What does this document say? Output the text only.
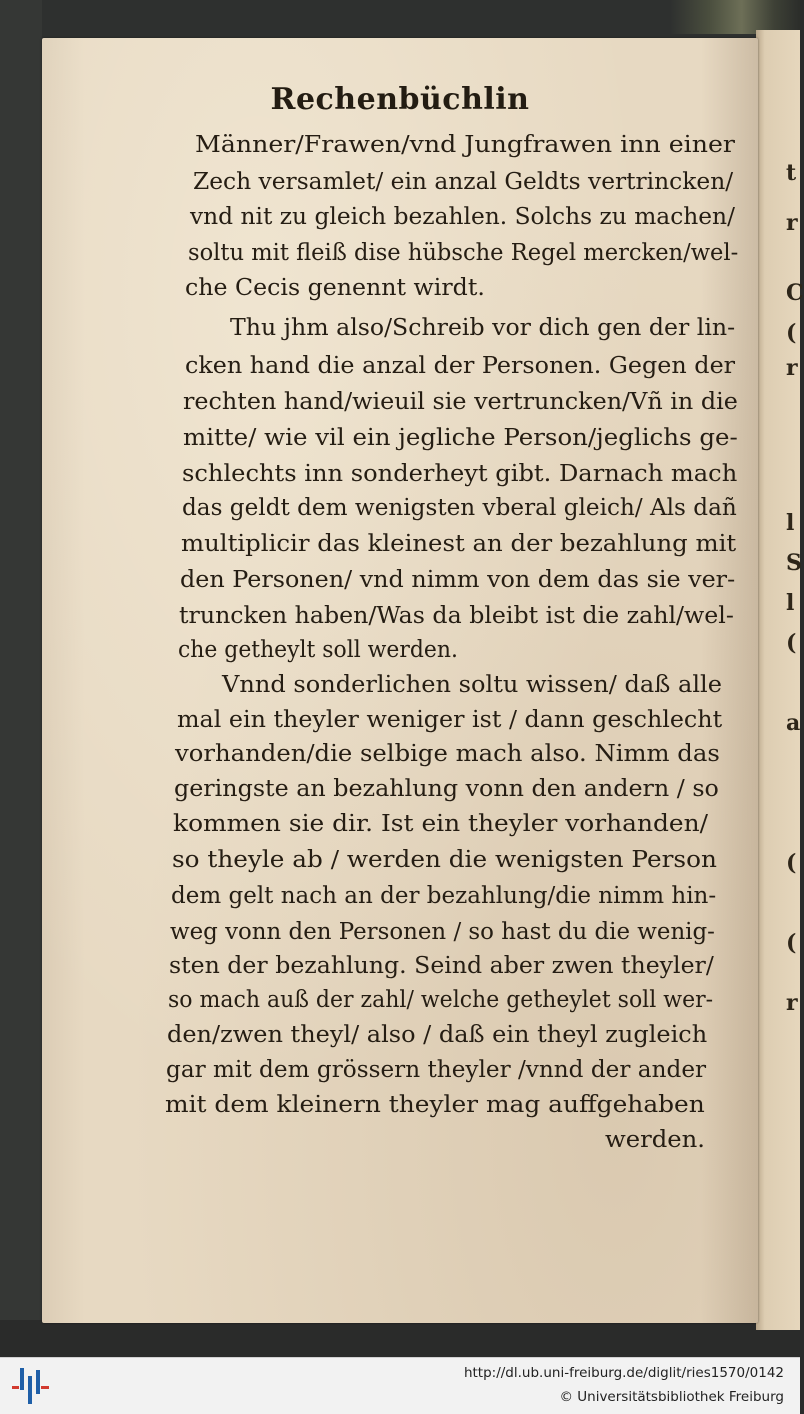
t
r
C
(
r
l
S
l
(
a
(
(
r
Rechenbüchlin
Männer/Frawen/vnd Jungfrawen inn einer
Zech versamlet/ ein anzal Geldts vertrincken/
vnd nit zu gleich bezahlen. Solchs zu machen/
soltu mit fleiß dise hübsche Regel mercken/wel-
che Cecis genennt wirdt.
Thu jhm also/Schreib vor dich gen der lin-
cken hand die anzal der Personen. Gegen der
rechten hand/wieuil sie vertruncken/Vñ in die
mitte/ wie vil ein jegliche Person/jeglichs ge-
schlechts inn sonderheyt gibt. Darnach mach
das geldt dem wenigsten vberal gleich/ Als dañ
multiplicir das kleinest an der bezahlung mit
den Personen/ vnd nimm von dem das sie ver-
truncken haben/Was da bleibt ist die zahl/wel-
che getheylt soll werden.
Vnnd sonderlichen soltu wissen/ daß alle
mal ein theyler weniger ist / dann geschlecht
vorhanden/die selbige mach also. Nimm das
geringste an bezahlung vonn den andern / so
kommen sie dir. Ist ein theyler vorhanden/
so theyle ab / werden die wenigsten Person
dem gelt nach an der bezahlung/die nimm hin-
weg vonn den Personen / so hast du die wenig-
sten der bezahlung. Seind aber zwen theyler/
so mach auß der zahl/ welche getheylet soll wer-
den/zwen theyl/ also / daß ein theyl zugleich
gar mit dem grössern theyler /vnnd der ander
mit dem kleinern theyler mag auffgehaben
werden.
http://dl.ub.uni-freiburg.de/diglit/ries1570/0142
© Universitätsbibliothek Freiburg
